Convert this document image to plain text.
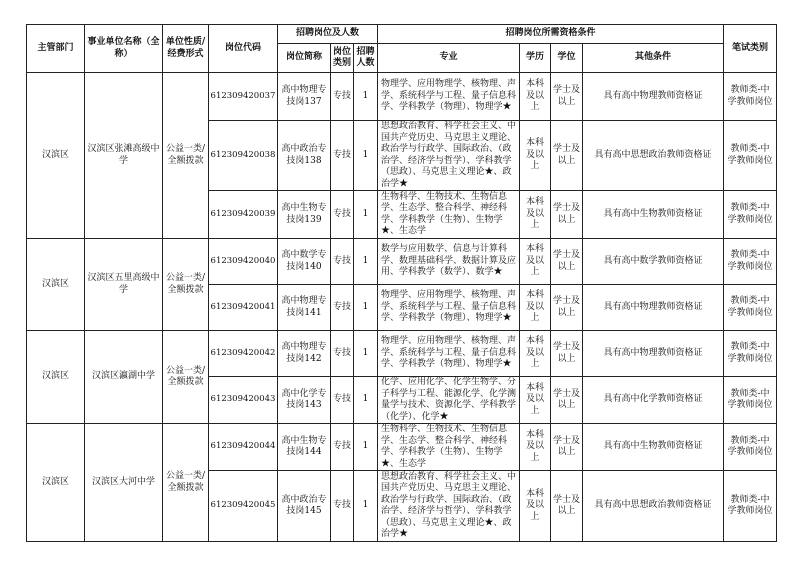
主管部门	事业单位名称（全称）	单位性质/经费形式	岗位代码	招聘岗位及人数			招聘岗位所需资格条件				笔试类别
				岗位简称	岗位类别	招聘人数	专业	学历	学位	其他条件	
汉滨区	汉滨区张滩高级中学	公益一类/全额拨款	612309420037	高中物理专技岗137	专技	1	物理学、应用物理学、核物理、声学、系统科学与工程、量子信息科学、学科教学（物理）、物理学★	本科及以上	学士及以上	具有高中物理教师资格证	教师类-中学教师岗位
			612309420038	高中政治专技岗138	专技	1	思想政治教育、科学社会主义、中国共产党历史、马克思主义理论、政治学与行政学、国际政治、（政治学、经济学与哲学）、学科教学（思政）、马克思主义理论★、政治学★	本科及以上	学士及以上	具有高中思想政治教师资格证	教师类-中学教师岗位
			612309420039	高中生物专技岗139	专技	1	生物科学、生物技术、生物信息学、生态学、整合科学、神经科学、学科教学（生物）、生物学★、生态学	本科及以上	学士及以上	具有高中生物教师资格证	教师类-中学教师岗位
汉滨区	汉滨区五里高级中学	公益一类/全额拨款	612309420040	高中数学专技岗140	专技	1	数学与应用数学、信息与计算科学、数理基础科学、数据计算及应用、学科教学（数学）、数学★	本科及以上	学士及以上	具有高中数学教师资格证	教师类-中学教师岗位
			612309420041	高中物理专技岗141	专技	1	物理学、应用物理学、核物理、声学、系统科学与工程、量子信息科学、学科教学（物理）、物理学★	本科及以上	学士及以上	具有高中物理教师资格证	教师类-中学教师岗位
汉滨区	汉滨区瀛湖中学	公益一类/全额拨款	612309420042	高中物理专技岗142	专技	1	物理学、应用物理学、核物理、声学、系统科学与工程、量子信息科学、学科教学（物理）、物理学★	本科及以上	学士及以上	具有高中物理教师资格证	教师类-中学教师岗位
			612309420043	高中化学专技岗143	专技	1	化学、应用化学、化学生物学、分子科学与工程、能源化学、化学测量学与技术、资源化学、学科教学（化学）、化学★	本科及以上	学士及以上	具有高中化学教师资格证	教师类-中学教师岗位
汉滨区	汉滨区大河中学	公益一类/全额拨款	612309420044	高中生物专技岗144	专技	1	生物科学、生物技术、生物信息学、生态学、整合科学、神经科学、学科教学（生物）、生物学★、生态学	本科及以上	学士及以上	具有高中生物教师资格证	教师类-中学教师岗位
			612309420045	高中政治专技岗145	专技	1	思想政治教育、科学社会主义、中国共产党历史、马克思主义理论、政治学与行政学、国际政治、（政治学、经济学与哲学）、学科教学（思政）、马克思主义理论★、政治学★	本科及以上	学士及以上	具有高中思想政治教师资格证	教师类-中学教师岗位
